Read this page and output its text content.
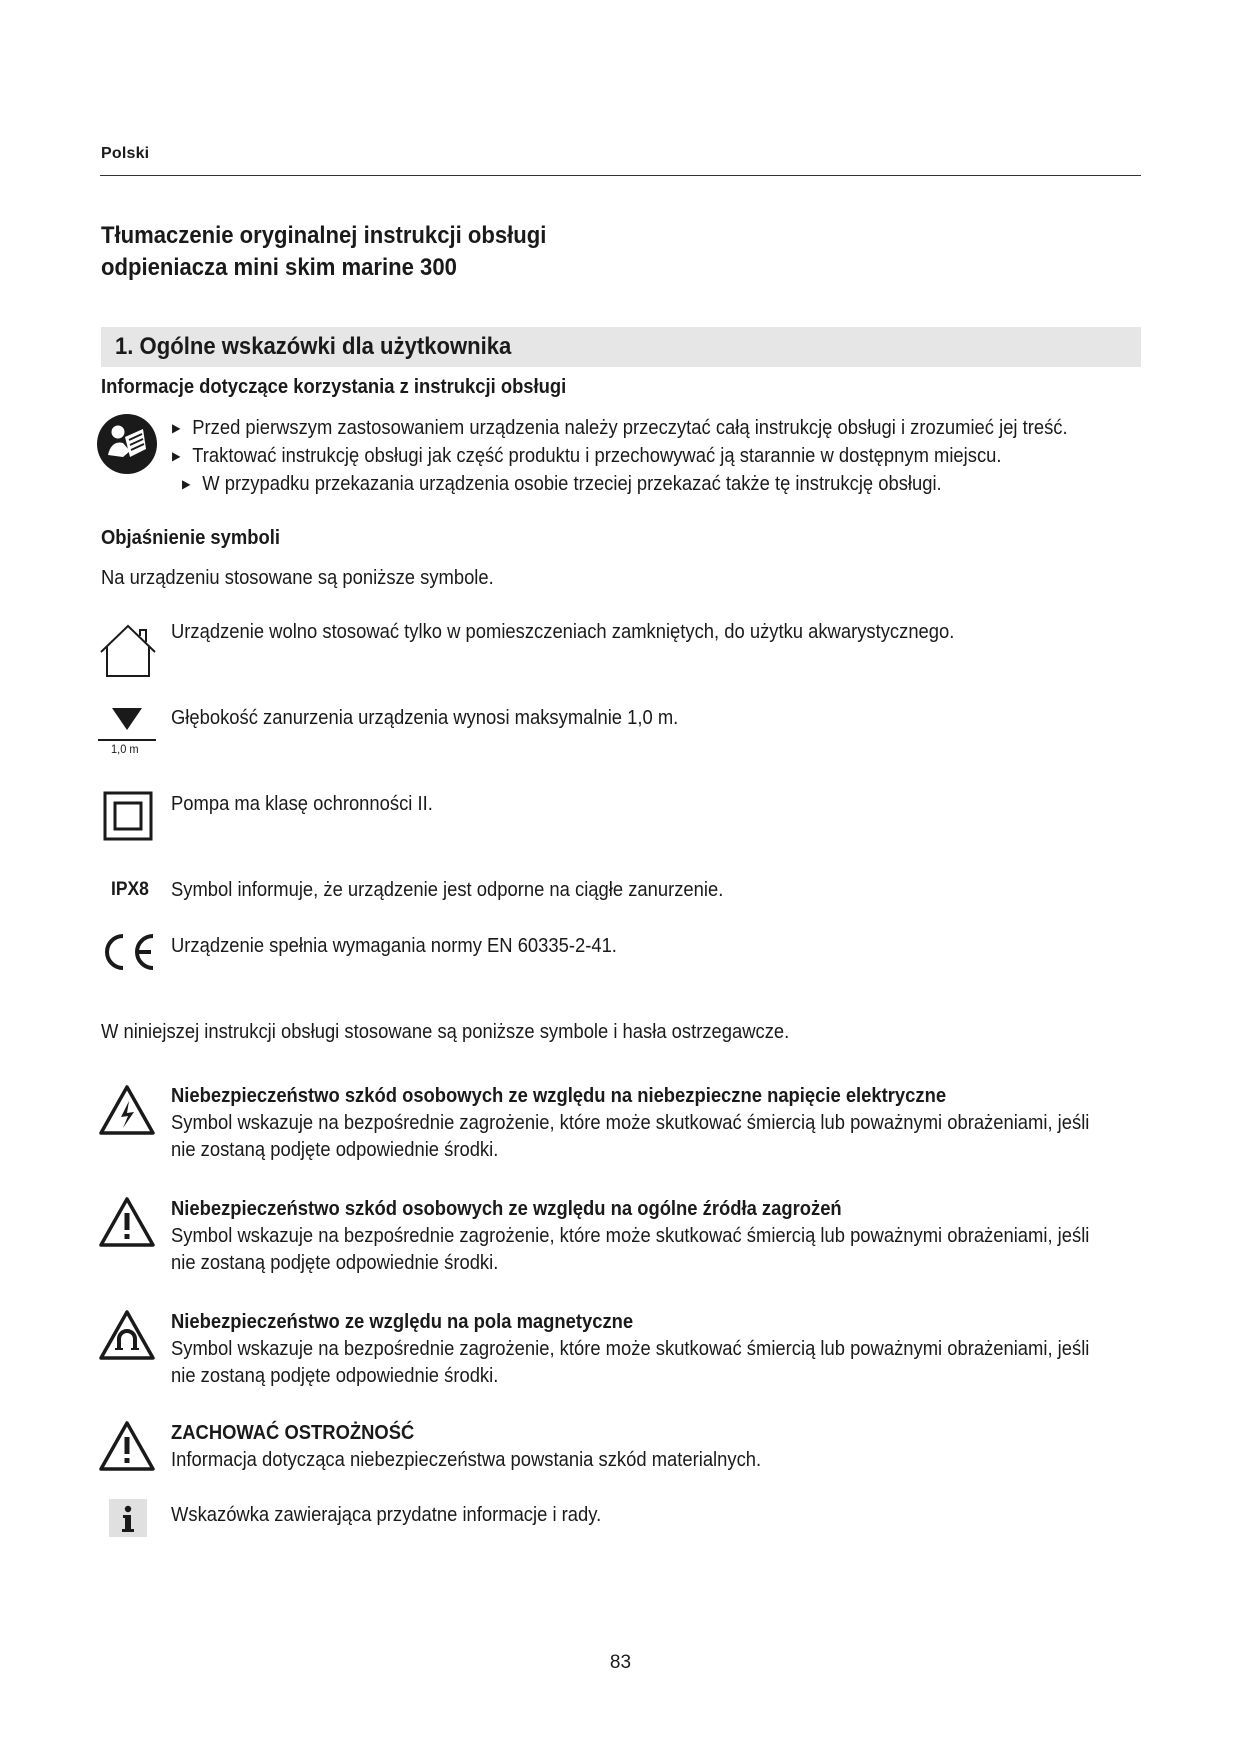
Polski
Tłumaczenie oryginalnej instrukcji obsługi
odpieniacza mini skim marine 300
1. Ogólne wskazówki dla użytkownika
Informacje dotyczące korzystania z instrukcji obsługi
▶ Przed pierwszym zastosowaniem urządzenia należy przeczytać całą instrukcję obsługi i zrozumieć jej treść.
▶ Traktować instrukcję obsługi jak część produktu i przechowywać ją starannie w dostępnym miejscu.
▶ W przypadku przekazania urządzenia osobie trzeciej przekazać także tę instrukcję obsługi.
Objaśnienie symboli
Na urządzeniu stosowane są poniższe symbole.
Urządzenie wolno stosować tylko w pomieszczeniach zamkniętych, do użytku akwarystycznego.
1,0 m
Głębokość zanurzenia urządzenia wynosi maksymalnie 1,0 m.
Pompa ma klasę ochronności II.
IPX8 Symbol informuje, że urządzenie jest odporne na ciągłe zanurzenie.
Urządzenie spełnia wymagania normy EN 60335-2-41.
W niniejszej instrukcji obsługi stosowane są poniższe symbole i hasła ostrzegawcze.
Niebezpieczeństwo szkód osobowych ze względu na niebezpieczne napięcie elektryczne
Symbol wskazuje na bezpośrednie zagrożenie, które może skutkować śmiercią lub poważnymi obrażeniami, jeśli
nie zostaną podjęte odpowiednie środki.
Niebezpieczeństwo szkód osobowych ze względu na ogólne źródła zagrożeń
Symbol wskazuje na bezpośrednie zagrożenie, które może skutkować śmiercią lub poważnymi obrażeniami, jeśli
nie zostaną podjęte odpowiednie środki.
Niebezpieczeństwo ze względu na pola magnetyczne
Symbol wskazuje na bezpośrednie zagrożenie, które może skutkować śmiercią lub poważnymi obrażeniami, jeśli
nie zostaną podjęte odpowiednie środki.
ZACHOWAĆ OSTROŻNOŚĆ
Informacja dotycząca niebezpieczeństwa powstania szkód materialnych.
Wskazówka zawierająca przydatne informacje i rady.
83
